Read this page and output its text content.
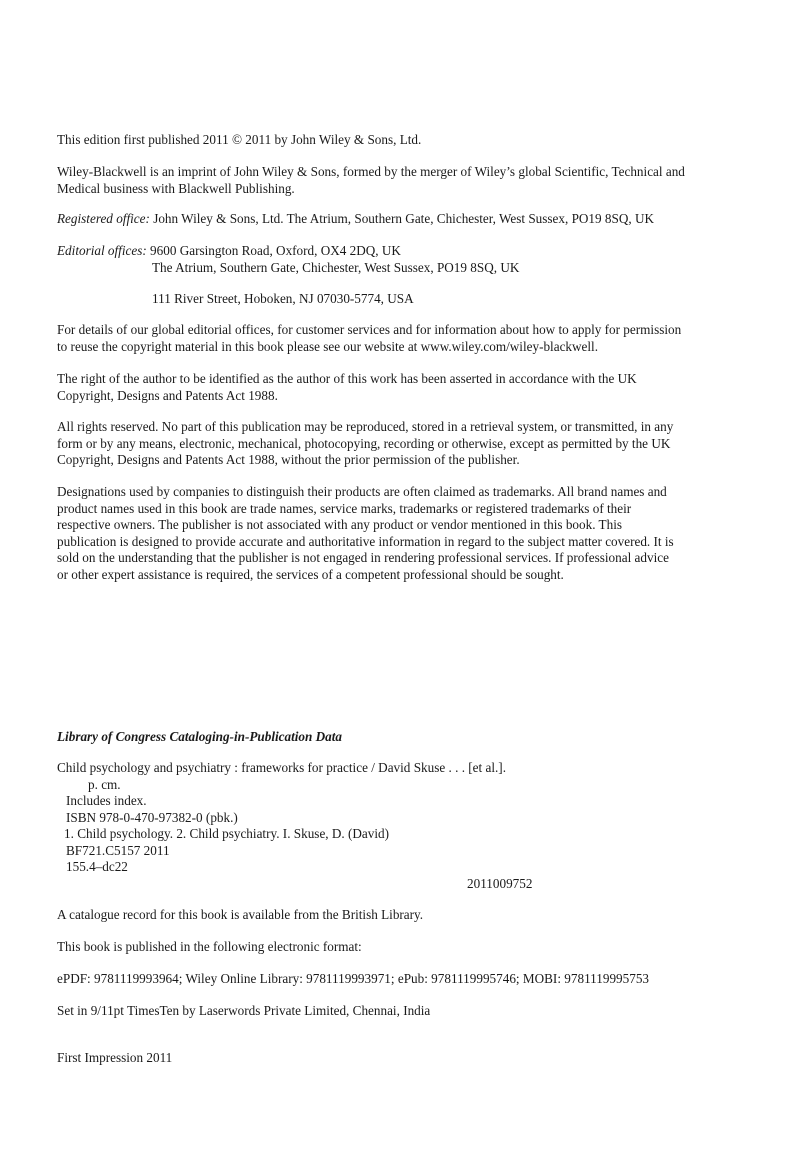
This edition first published 2011 © 2011 by John Wiley & Sons, Ltd.
Wiley-Blackwell is an imprint of John Wiley & Sons, formed by the merger of Wiley’s global Scientific, Technical and
Medical business with Blackwell Publishing.
Registered office: John Wiley & Sons, Ltd. The Atrium, Southern Gate, Chichester, West Sussex, PO19 8SQ, UK
Editorial offices: 9600 Garsington Road, Oxford, OX4 2DQ, UK
The Atrium, Southern Gate, Chichester, West Sussex, PO19 8SQ, UK
111 River Street, Hoboken, NJ 07030-5774, USA
For details of our global editorial offices, for customer services and for information about how to apply for permission
to reuse the copyright material in this book please see our website at www.wiley.com/wiley-blackwell.
The right of the author to be identified as the author of this work has been asserted in accordance with the UK
Copyright, Designs and Patents Act 1988.
All rights reserved. No part of this publication may be reproduced, stored in a retrieval system, or transmitted, in any
form or by any means, electronic, mechanical, photocopying, recording or otherwise, except as permitted by the UK
Copyright, Designs and Patents Act 1988, without the prior permission of the publisher.
Designations used by companies to distinguish their products are often claimed as trademarks. All brand names and
product names used in this book are trade names, service marks, trademarks or registered trademarks of their
respective owners. The publisher is not associated with any product or vendor mentioned in this book. This
publication is designed to provide accurate and authoritative information in regard to the subject matter covered. It is
sold on the understanding that the publisher is not engaged in rendering professional services. If professional advice
or other expert assistance is required, the services of a competent professional should be sought.
Library of Congress Cataloging-in-Publication Data
Child psychology and psychiatry : frameworks for practice / David Skuse . . . [et al.].
p. cm.
Includes index.
ISBN 978-0-470-97382-0 (pbk.)
1. Child psychology. 2. Child psychiatry. I. Skuse, D. (David)
BF721.C5157 2011
155.4–dc22
2011009752
A catalogue record for this book is available from the British Library.
This book is published in the following electronic format:
ePDF: 9781119993964; Wiley Online Library: 9781119993971; ePub: 9781119995746; MOBI: 9781119995753
Set in 9/11pt TimesTen by Laserwords Private Limited, Chennai, India
First Impression 2011
